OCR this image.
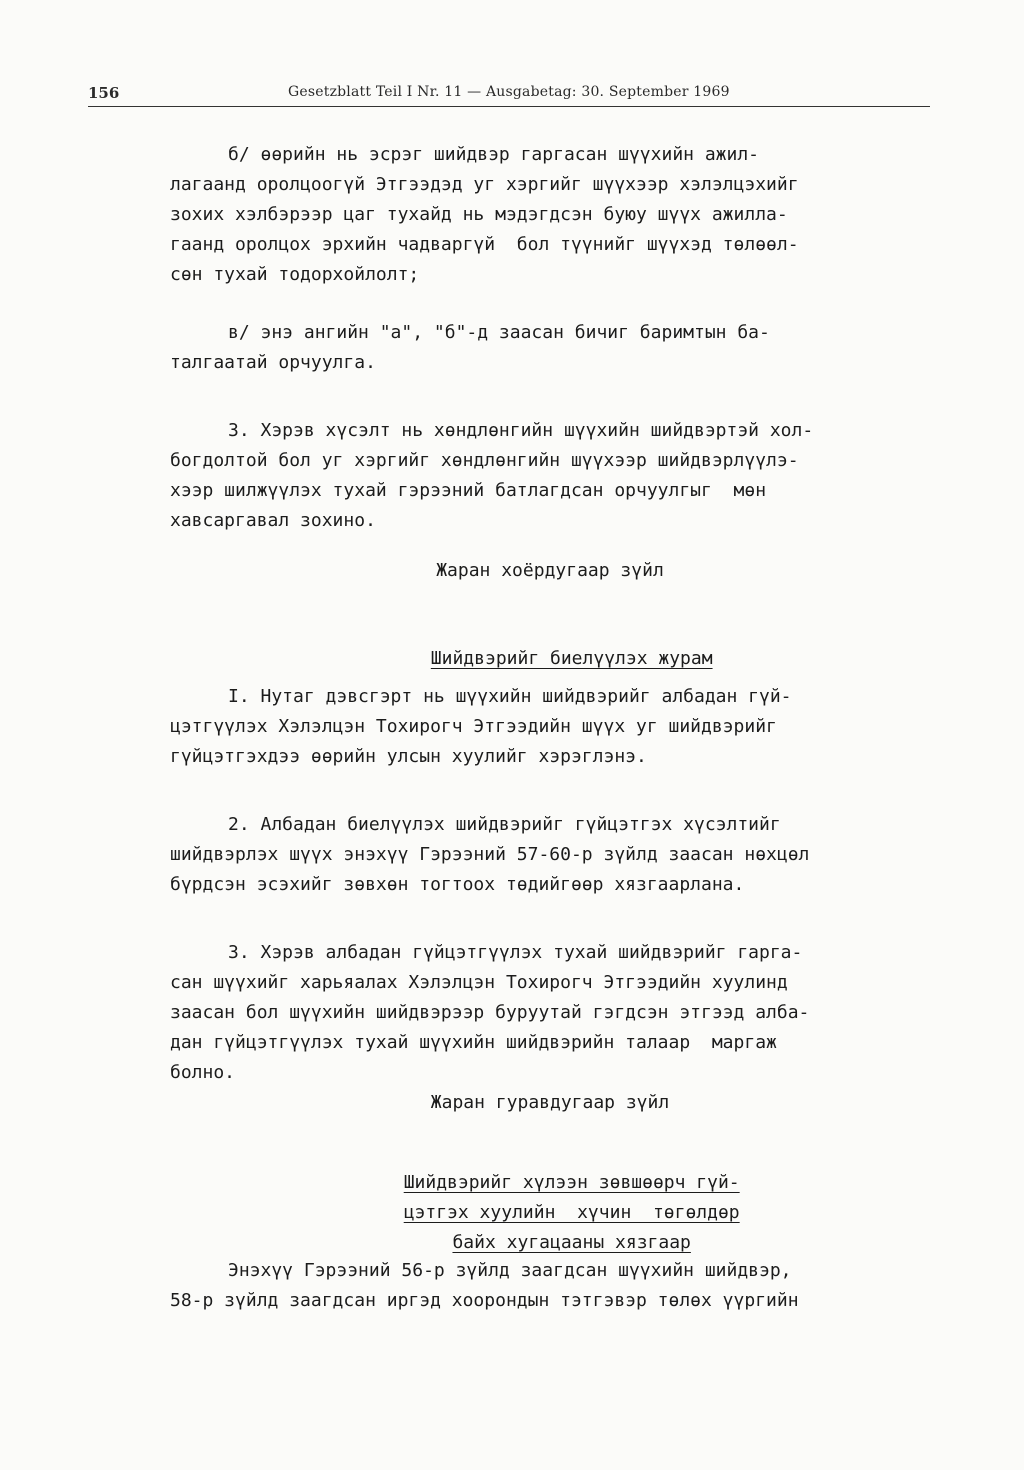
156	Gesetzblatt Teil I Nr. 11 — Ausgabetag: 30. September 1969
б/ өөрийн нь эсрэг шийдвэр гаргасан шүүхийн ажил-
лагаанд оролцоогүй Этгээдэд уг хэргийг шүүхээр хэлэлцэхийг
зохих хэлбэрээр цаг тухайд нь мэдэгдсэн буюу шүүх ажилла-
гаанд оролцох эрхийн чадваргүй  бол түүнийг шүүхэд төлөөл-
сөн тухай тодорхойлолт;
в/ энэ ангийн "а", "б"-д заасан бичиг баримтын ба-
талгаатай орчуулга.
3. Хэрэв хүсэлт нь хөндлөнгийн шүүхийн шийдвэртэй хол-
богдолтой бол уг хэргийг хөндлөнгийн шүүхээр шийдвэрлүүлэ-
хээр шилжүүлэх тухай гэрээний батлагдсан орчуулгыг  мөн
хавсаргавал зохино.
Жаран хоёрдугаар зүйл

Шийдвэрийг биелүүлэх журам

I. Нутаг дэвсгэрт нь шүүхийн шийдвэрийг албадан гүй-
цэтгүүлэх Хэлэлцэн Тохирогч Этгээдийн шүүх уг шийдвэрийг
гүйцэтгэхдээ өөрийн улсын хуулийг хэрэглэнэ.
2. Албадан биелүүлэх шийдвэрийг гүйцэтгэх хүсэлтийг
шийдвэрлэх шүүх энэхүү Гэрээний 57-60-р зүйлд заасан нөхцөл
бүрдсэн эсэхийг зөвхөн тогтоох төдийгөөр хязгаарлана.
3. Хэрэв албадан гүйцэтгүүлэх тухай шийдвэрийг гарга-
сан шүүхийг харьяалах Хэлэлцэн Тохирогч Этгээдийн хуулинд
заасан бол шүүхийн шийдвэрээр буруутай гэгдсэн этгээд алба-
дан гүйцэтгүүлэх тухай шүүхийн шийдвэрийн талаар  маргаж
болно.
Жаран гуравдугаар зүйл

Шийдвэрийг хүлээн зөвшөөрч гүй-

цэтгэх хуулийн  хүчин  төгөлдөр

байх хугацааны хязгаар

Энэхүү Гэрээний 56-р зүйлд заагдсан шүүхийн шийдвэр,
58-р зүйлд заагдсан иргэд хоорондын тэтгэвэр төлөх үүргийн
